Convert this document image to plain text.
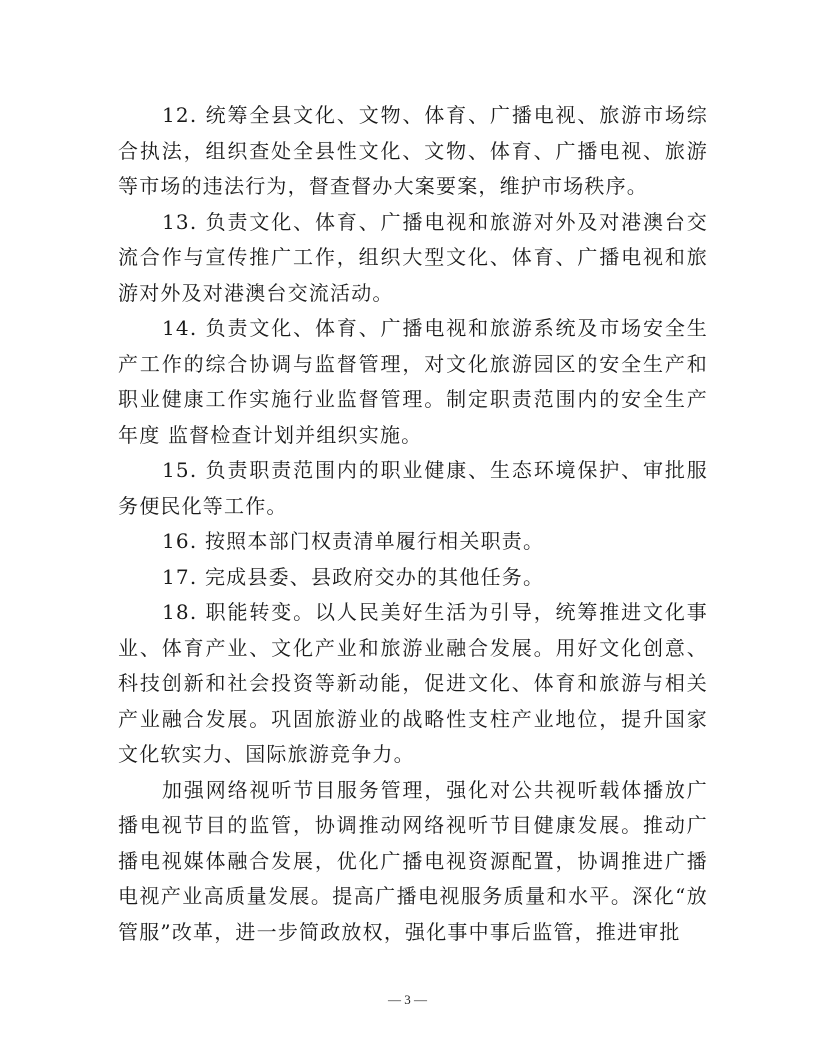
12. 统筹全县文化、文物、体育、广播电视、旅游市场综合执法，组织查处全县性文化、文物、体育、广播电视、旅游等市场的违法行为，督查督办大案要案，维护市场秩序。

13. 负责文化、体育、广播电视和旅游对外及对港澳台交流合作与宣传推广工作，组织大型文化、体育、广播电视和旅游对外及对港澳台交流活动。

14. 负责文化、体育、广播电视和旅游系统及市场安全生产工作的综合协调与监督管理，对文化旅游园区的安全生产和职业健康工作实施行业监督管理。制定职责范围内的安全生产年度 监督检查计划并组织实施。

15. 负责职责范围内的职业健康、生态环境保护、审批服务便民化等工作。

16. 按照本部门权责清单履行相关职责。

17. 完成县委、县政府交办的其他任务。

18. 职能转变。以人民美好生活为引导，统筹推进文化事业、体育产业、文化产业和旅游业融合发展。用好文化创意、科技创新和社会投资等新动能，促进文化、体育和旅游与相关产业融合发展。巩固旅游业的战略性支柱产业地位，提升国家文化软实力、国际旅游竞争力。

加强网络视听节目服务管理，强化对公共视听载体播放广播电视节目的监管，协调推动网络视听节目健康发展。推动广播电视媒体融合发展，优化广播电视资源配置，协调推进广播电视产业高质量发展。提高广播电视服务质量和水平。深化“放管服”改革，进一步简政放权，强化事中事后监管，推进审批

— 3 —
